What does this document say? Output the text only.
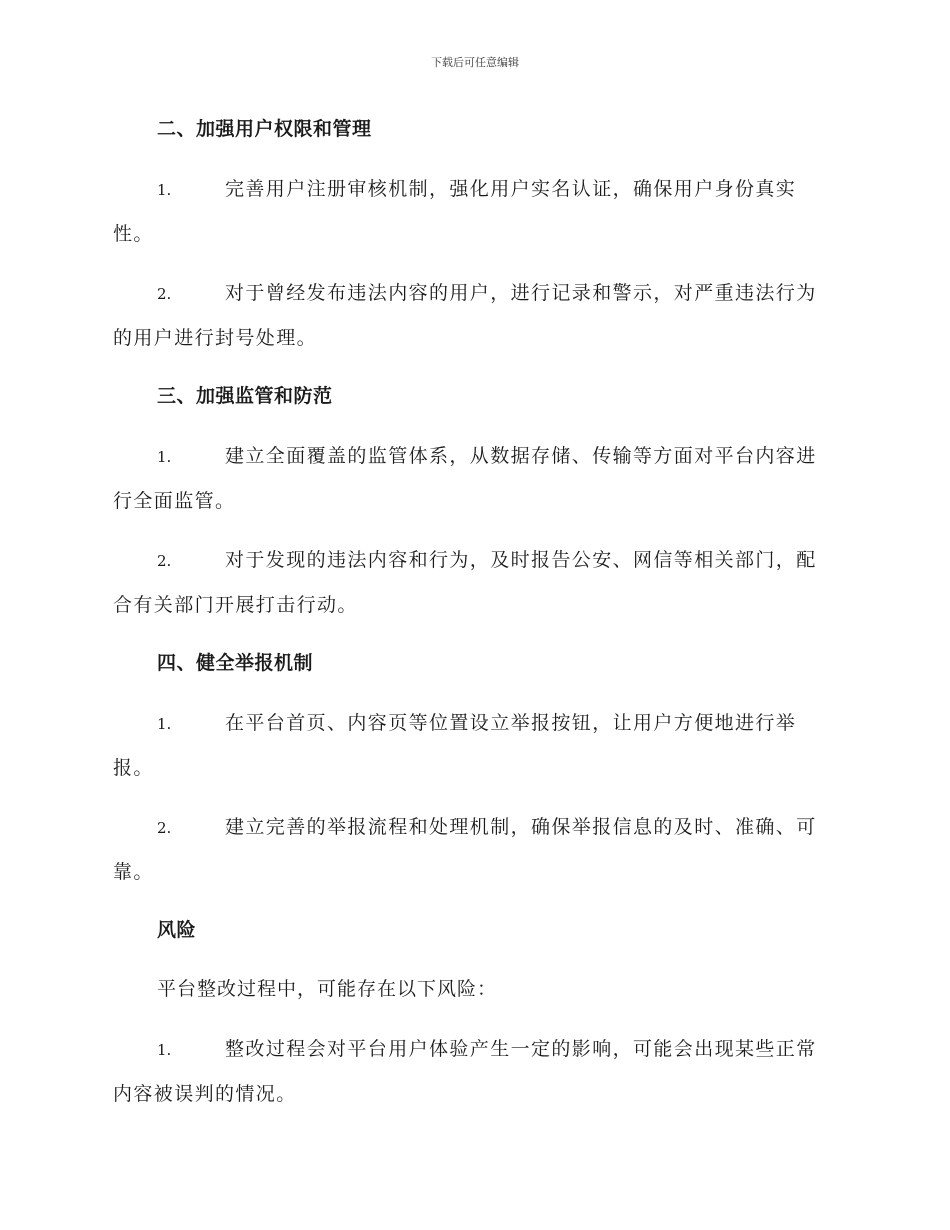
下载后可任意编辑
二、加强用户权限和管理
1.	完善用户注册审核机制，强化用户实名认证，确保用户身份真实性。
2.	对于曾经发布违法内容的用户，进行记录和警示，对严重违法行为的用户进行封号处理。
三、加强监管和防范
1.	建立全面覆盖的监管体系，从数据存储、传输等方面对平台内容进行全面监管。
2.	对于发现的违法内容和行为，及时报告公安、网信等相关部门，配合有关部门开展打击行动。
四、健全举报机制
1.	在平台首页、内容页等位置设立举报按钮，让用户方便地进行举报。
2.	建立完善的举报流程和处理机制，确保举报信息的及时、准确、可靠。
风险
平台整改过程中，可能存在以下风险：
1.	整改过程会对平台用户体验产生一定的影响，可能会出现某些正常内容被误判的情况。
